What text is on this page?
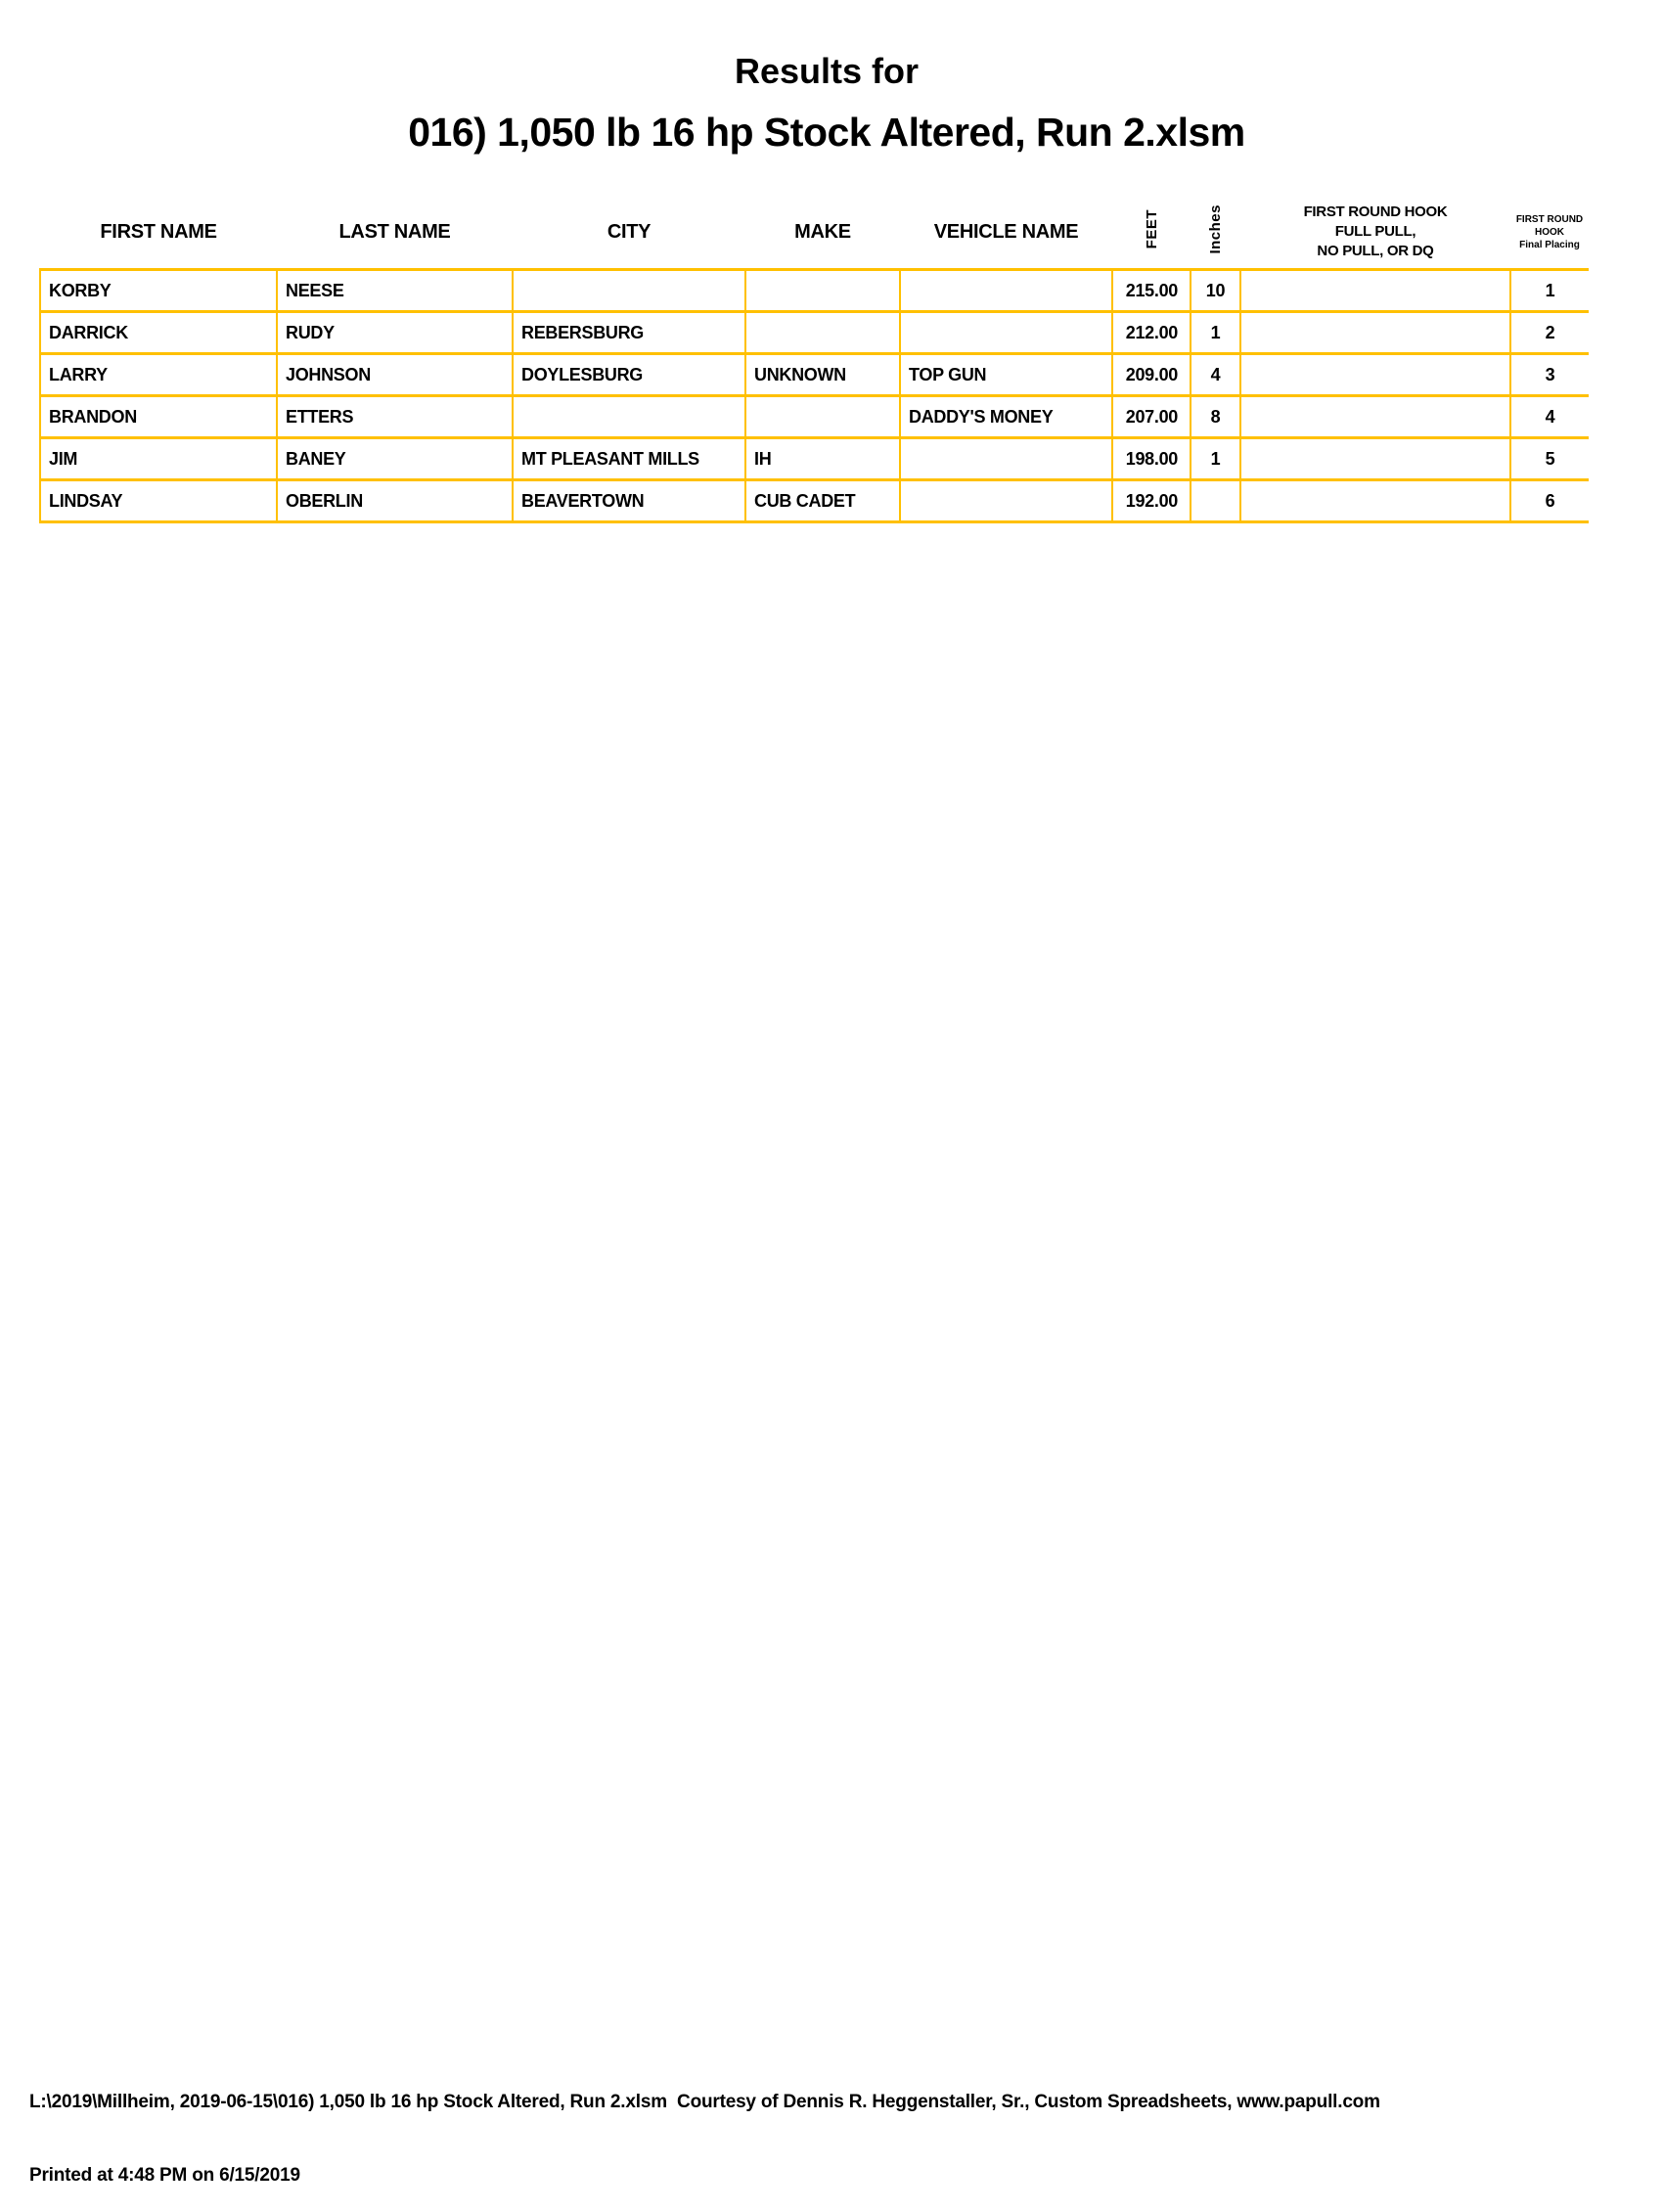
Results for
016) 1,050 lb 16 hp Stock Altered, Run 2.xlsm
FIRST NAME	LAST NAME	CITY	MAKE	VEHICLE NAME	FEET	Inches	FIRST ROUND HOOK
FULL PULL,
NO PULL, OR DQ

FIRST ROUND
HOOK
Final Placing

KORBY	NEESE				215.00	10		1
DARRICK	RUDY	REBERSBURG			212.00	1		2
LARRY	JOHNSON	DOYLESBURG	UNKNOWN	TOP GUN	209.00	4		3
BRANDON	ETTERS			DADDY'S MONEY	207.00	8		4
JIM	BANEY	MT PLEASANT MILLS	IH		198.00	1		5
LINDSAY	OBERLIN	BEAVERTOWN	CUB CADET		192.00			6

L:\2019\Millheim, 2019-06-15\016) 1,050 lb 16 hp Stock Altered, Run 2.xlsm  Courtesy of Dennis R. Heggenstaller, Sr., Custom Spreadsheets, www.papull.com

Printed at 4:48 PM on 6/15/2019
